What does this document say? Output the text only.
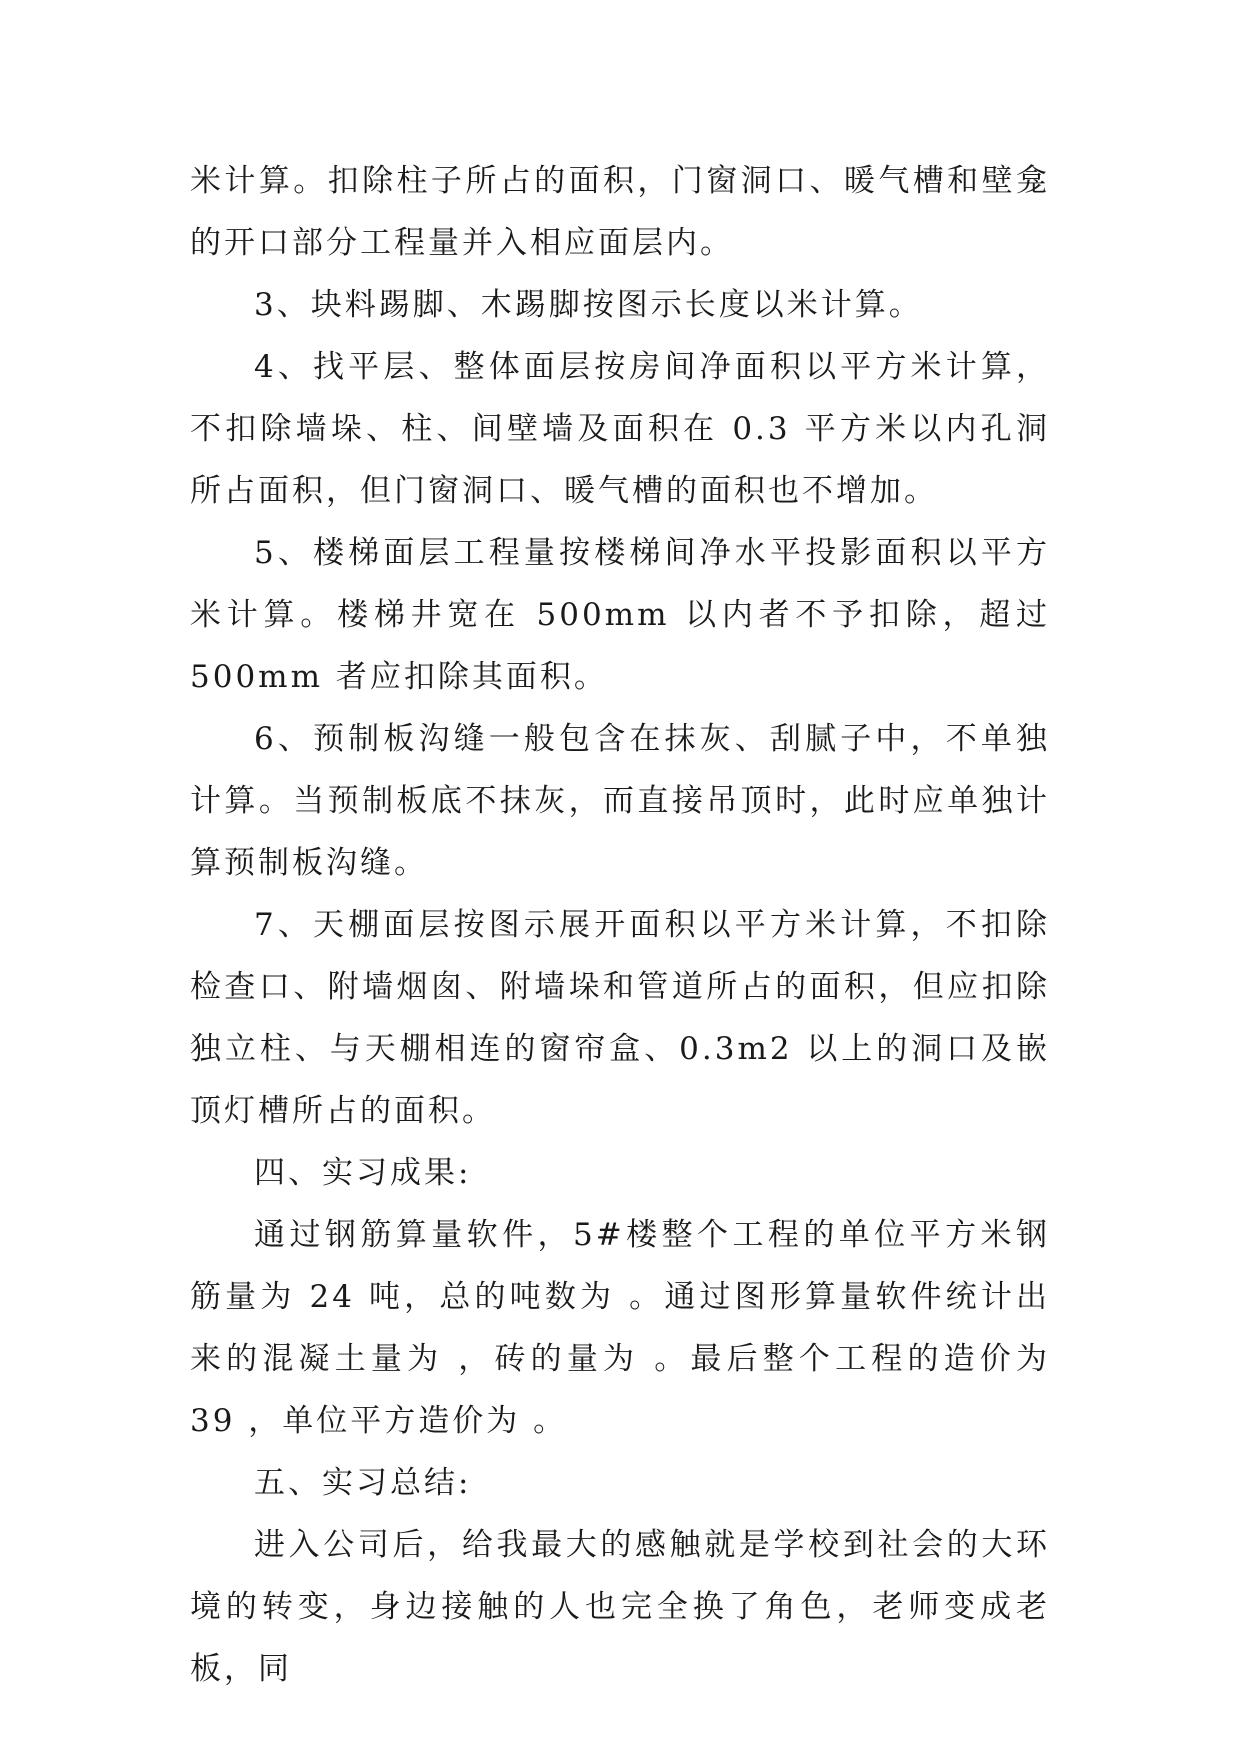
米计算。扣除柱子所占的面积，门窗洞口、暖气槽和壁龛的开口部分工程量并入相应面层内。

3、块料踢脚、木踢脚按图示长度以米计算。

4、找平层、整体面层按房间净面积以平方米计算，不扣除墙垛、柱、间壁墙及面积在 0.3 平方米以内孔洞所占面积，但门窗洞口、暖气槽的面积也不增加。

5、楼梯面层工程量按楼梯间净水平投影面积以平方米计算。楼梯井宽在 500mm 以内者不予扣除，超过 500mm 者应扣除其面积。

6、预制板沟缝一般包含在抹灰、刮腻子中，不单独计算。当预制板底不抹灰，而直接吊顶时，此时应单独计算预制板沟缝。

7、天棚面层按图示展开面积以平方米计算，不扣除检查口、附墙烟囱、附墙垛和管道所占的面积，但应扣除独立柱、与天棚相连的窗帘盒、0.3m2 以上的洞口及嵌顶灯槽所占的面积。

四、实习成果:

通过钢筋算量软件，5#楼整个工程的单位平方米钢筋量为 24 吨，总的吨数为 。通过图形算量软件统计出来的混凝土量为 ，砖的量为 。最后整个工程的造价为 39 ，单位平方造价为 。

五、实习总结:

进入公司后，给我最大的感触就是学校到社会的大环境的转变，身边接触的人也完全换了角色，老师变成老板，同
